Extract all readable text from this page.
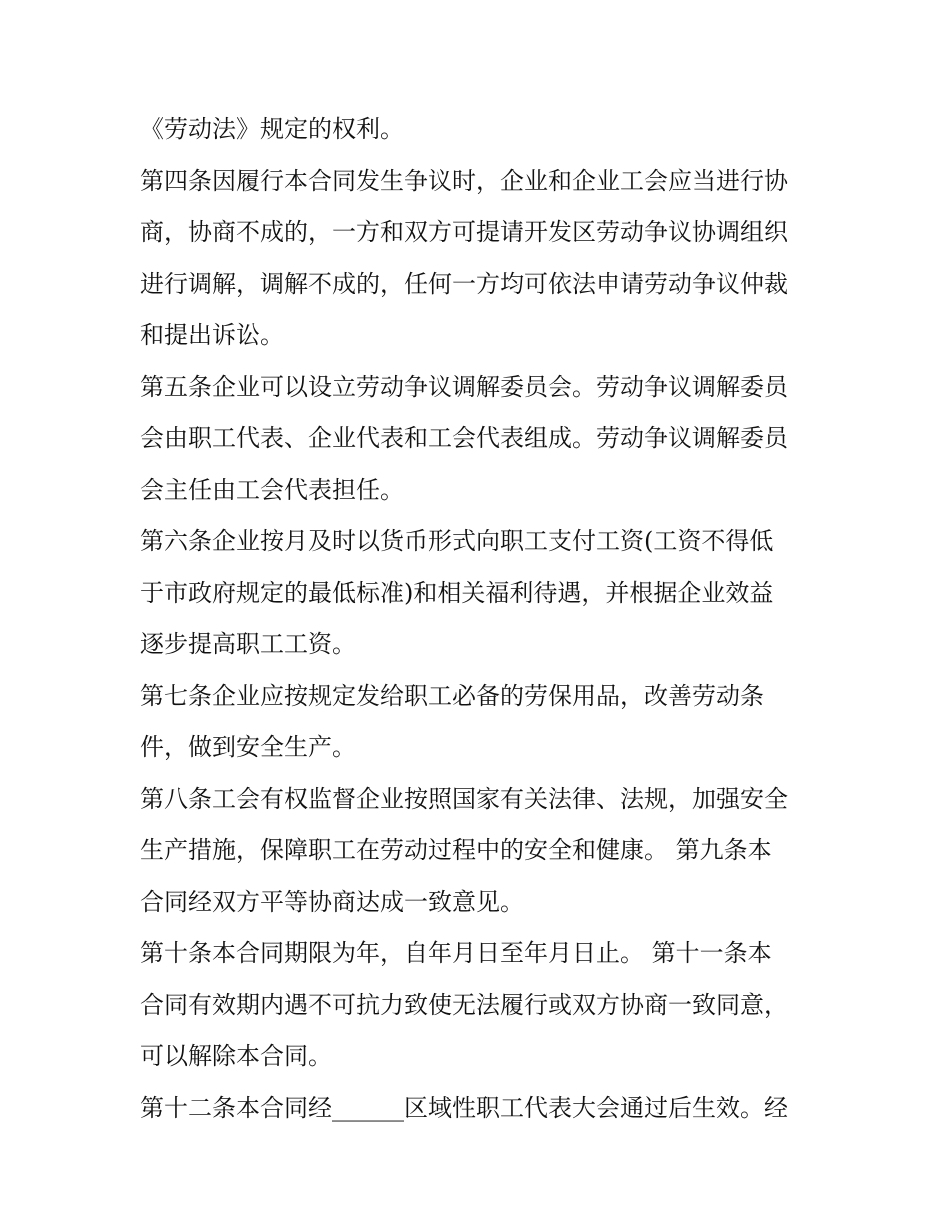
《劳动法》规定的权利。
第四条因履行本合同发生争议时，企业和企业工会应当进行协
商，协商不成的，一方和双方可提请开发区劳动争议协调组织
进行调解，调解不成的，任何一方均可依法申请劳动争议仲裁
和提出诉讼。
第五条企业可以设立劳动争议调解委员会。劳动争议调解委员
会由职工代表、企业代表和工会代表组成。劳动争议调解委员
会主任由工会代表担任。
第六条企业按月及时以货币形式向职工支付工资(工资不得低
于市政府规定的最低标准)和相关福利待遇，并根据企业效益
逐步提高职工工资。
第七条企业应按规定发给职工必备的劳保用品，改善劳动条
件，做到安全生产。
第八条工会有权监督企业按照国家有关法律、法规，加强安全
生产措施，保障职工在劳动过程中的安全和健康。 第九条本
合同经双方平等协商达成一致意见。
第十条本合同期限为年，自年月日至年月日止。 第十一条本
合同有效期内遇不可抗力致使无法履行或双方协商一致同意，
可以解除本合同。
第十二条本合同经______区域性职工代表大会通过后生效。经
